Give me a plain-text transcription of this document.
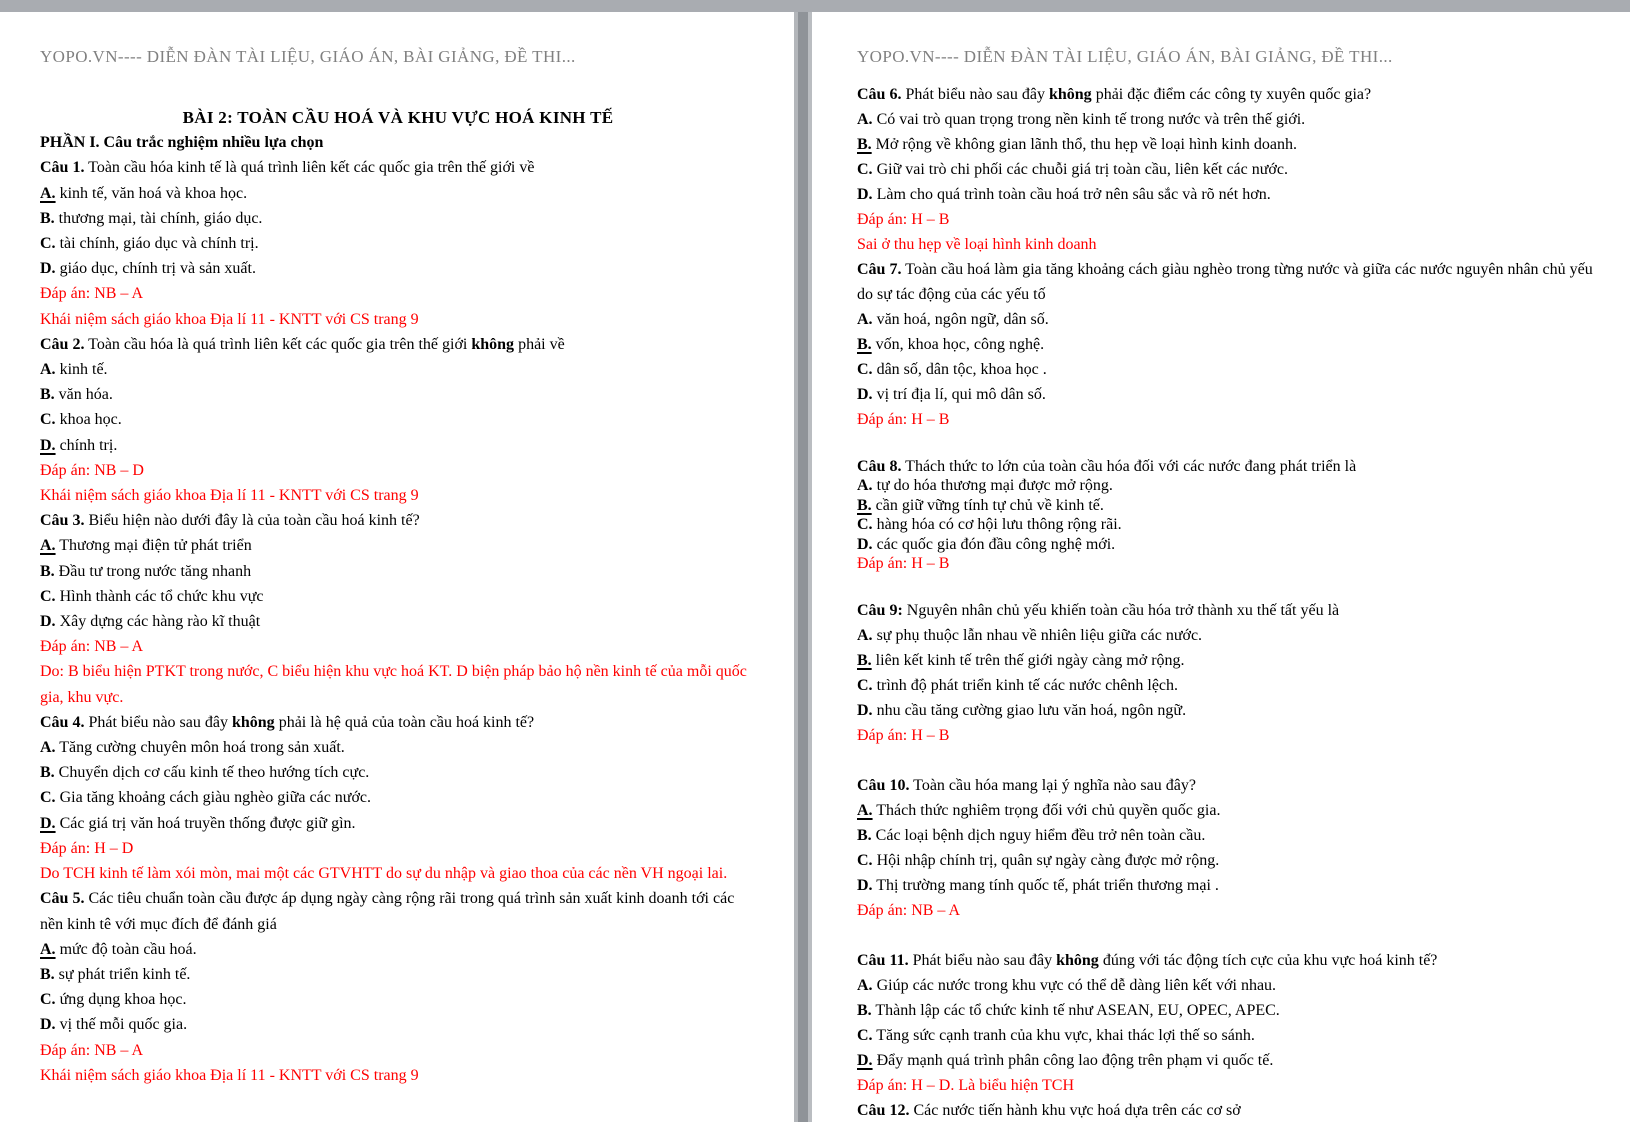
YOPO.VN---- DIỄN ĐÀN TÀI LIỆU, GIÁO ÁN, BÀI GIẢNG, ĐỀ THI...

BÀI 2: TOÀN CẦU HOÁ VÀ KHU VỰC HOÁ KINH TẾ

PHẦN I. Câu trắc nghiệm nhiều lựa chọn

Câu 1. Toàn cầu hóa kinh tế là quá trình liên kết các quốc gia trên thế giới về

A. kinh tế, văn hoá và khoa học.

B. thương mại, tài chính, giáo dục.

C. tài chính, giáo dục và chính trị.

D. giáo dục, chính trị và sản xuất.

Đáp án: NB – A

Khái niệm sách giáo khoa Địa lí 11 - KNTT với CS trang 9

Câu 2. Toàn cầu hóa là quá trình liên kết các quốc gia trên thế giới không phải về

A. kinh tế.

B. văn hóa.

C. khoa học.

D. chính trị.

Đáp án: NB – D

Khái niệm sách giáo khoa Địa lí 11 - KNTT với CS trang 9

Câu 3. Biểu hiện nào dưới đây là của toàn cầu hoá kinh tế?

A. Thương mại điện tử phát triển

B. Đầu tư trong nước tăng nhanh

C. Hình thành các tổ chức khu vực

D. Xây dựng các hàng rào kĩ thuật

Đáp án: NB – A

Do: B biểu hiện PTKT trong nước, C biểu hiện khu vực hoá KT. D biện pháp bảo hộ nền kinh tế của mỗi quốc gia, khu vực.

Câu 4. Phát biểu nào sau đây không phải là hệ quả của toàn cầu hoá kinh tế?

A. Tăng cường chuyên môn hoá trong sản xuất.

B. Chuyển dịch cơ cấu kinh tế theo hướng tích cực.

C. Gia tăng khoảng cách giàu nghèo giữa các nước.

D. Các giá trị văn hoá truyền thống được giữ gìn.

Đáp án: H – D

Do TCH kinh tế làm xói mòn, mai một các GTVHTT do sự du nhập và giao thoa của các nền VH ngoại lai.

Câu 5. Các tiêu chuẩn toàn cầu được áp dụng ngày càng rộng rãi trong quá trình sản xuất kinh doanh tới các nền kinh tê với mục đích để đánh giá

A. mức độ toàn cầu hoá.

B. sự phát triển kinh tế.

C. ứng dụng khoa học.

D. vị thế mỗi quốc gia.

Đáp án: NB – A

Khái niệm sách giáo khoa Địa lí 11 - KNTT với CS trang 9

YOPO.VN---- DIỄN ĐÀN TÀI LIỆU, GIÁO ÁN, BÀI GIẢNG, ĐỀ THI...

Câu 6. Phát biểu nào sau đây không phải đặc điểm các công ty xuyên quốc gia?

A. Có vai trò quan trọng trong nền kinh tế trong nước và trên thế giới.

B. Mở rộng về không gian lãnh thổ, thu hẹp về loại hình kinh doanh.

C. Giữ vai trò chi phối các chuỗi giá trị toàn cầu, liên kết các nước.

D. Làm cho quá trình toàn cầu hoá trở nên sâu sắc và rõ nét hơn.

Đáp án: H – B

Sai ở thu hẹp về loại hình kinh doanh

Câu 7. Toàn cầu hoá làm gia tăng khoảng cách giàu nghèo trong từng nước và giữa các nước nguyên nhân chủ yếu do sự tác động của các yếu tố

A. văn hoá, ngôn ngữ, dân số.

B. vốn, khoa học, công nghệ.

C. dân số, dân tộc, khoa học .

D. vị trí địa lí, qui mô dân số.

Đáp án: H – B

Câu 8. Thách thức to lớn của toàn cầu hóa đối với các nước đang phát triển là

A. tự do hóa thương mại được mở rộng.

B. cần giữ vững tính tự chủ về kinh tế.

C. hàng hóa có cơ hội lưu thông rộng rãi.

D. các quốc gia đón đầu công nghệ mới.

Đáp án: H – B

Câu 9: Nguyên nhân chủ yếu khiến toàn cầu hóa trở thành xu thế tất yếu là

A. sự phụ thuộc lẫn nhau về nhiên liệu giữa các nước.

B. liên kết kinh tế trên thế giới ngày càng mở rộng.

C. trình độ phát triển kinh tế các nước chênh lệch.

D. nhu cầu tăng cường giao lưu văn hoá, ngôn ngữ.

Đáp án: H – B

Câu 10. Toàn cầu hóa mang lại ý nghĩa nào sau đây?

A. Thách thức nghiêm trọng đối với chủ quyền quốc gia.

B. Các loại bệnh dịch nguy hiểm đều trở nên toàn cầu.

C. Hội nhập chính trị, quân sự ngày càng được mở rộng.

D. Thị trường mang tính quốc tế, phát triển thương mại .

Đáp án: NB – A

Câu 11. Phát biểu nào sau đây không đúng với tác động tích cực của khu vực hoá kinh tế?

A. Giúp các nước trong khu vực có thể dễ dàng liên kết với nhau.

B. Thành lập các tổ chức kinh tế như ASEAN, EU, OPEC, APEC.

C. Tăng sức cạnh tranh của khu vực, khai thác lợi thế so sánh.

D. Đẩy mạnh quá trình phân công lao động trên phạm vi quốc tế.

Đáp án: H – D. Là biểu hiện TCH

Câu 12. Các nước tiến hành khu vực hoá dựa trên các cơ sở
